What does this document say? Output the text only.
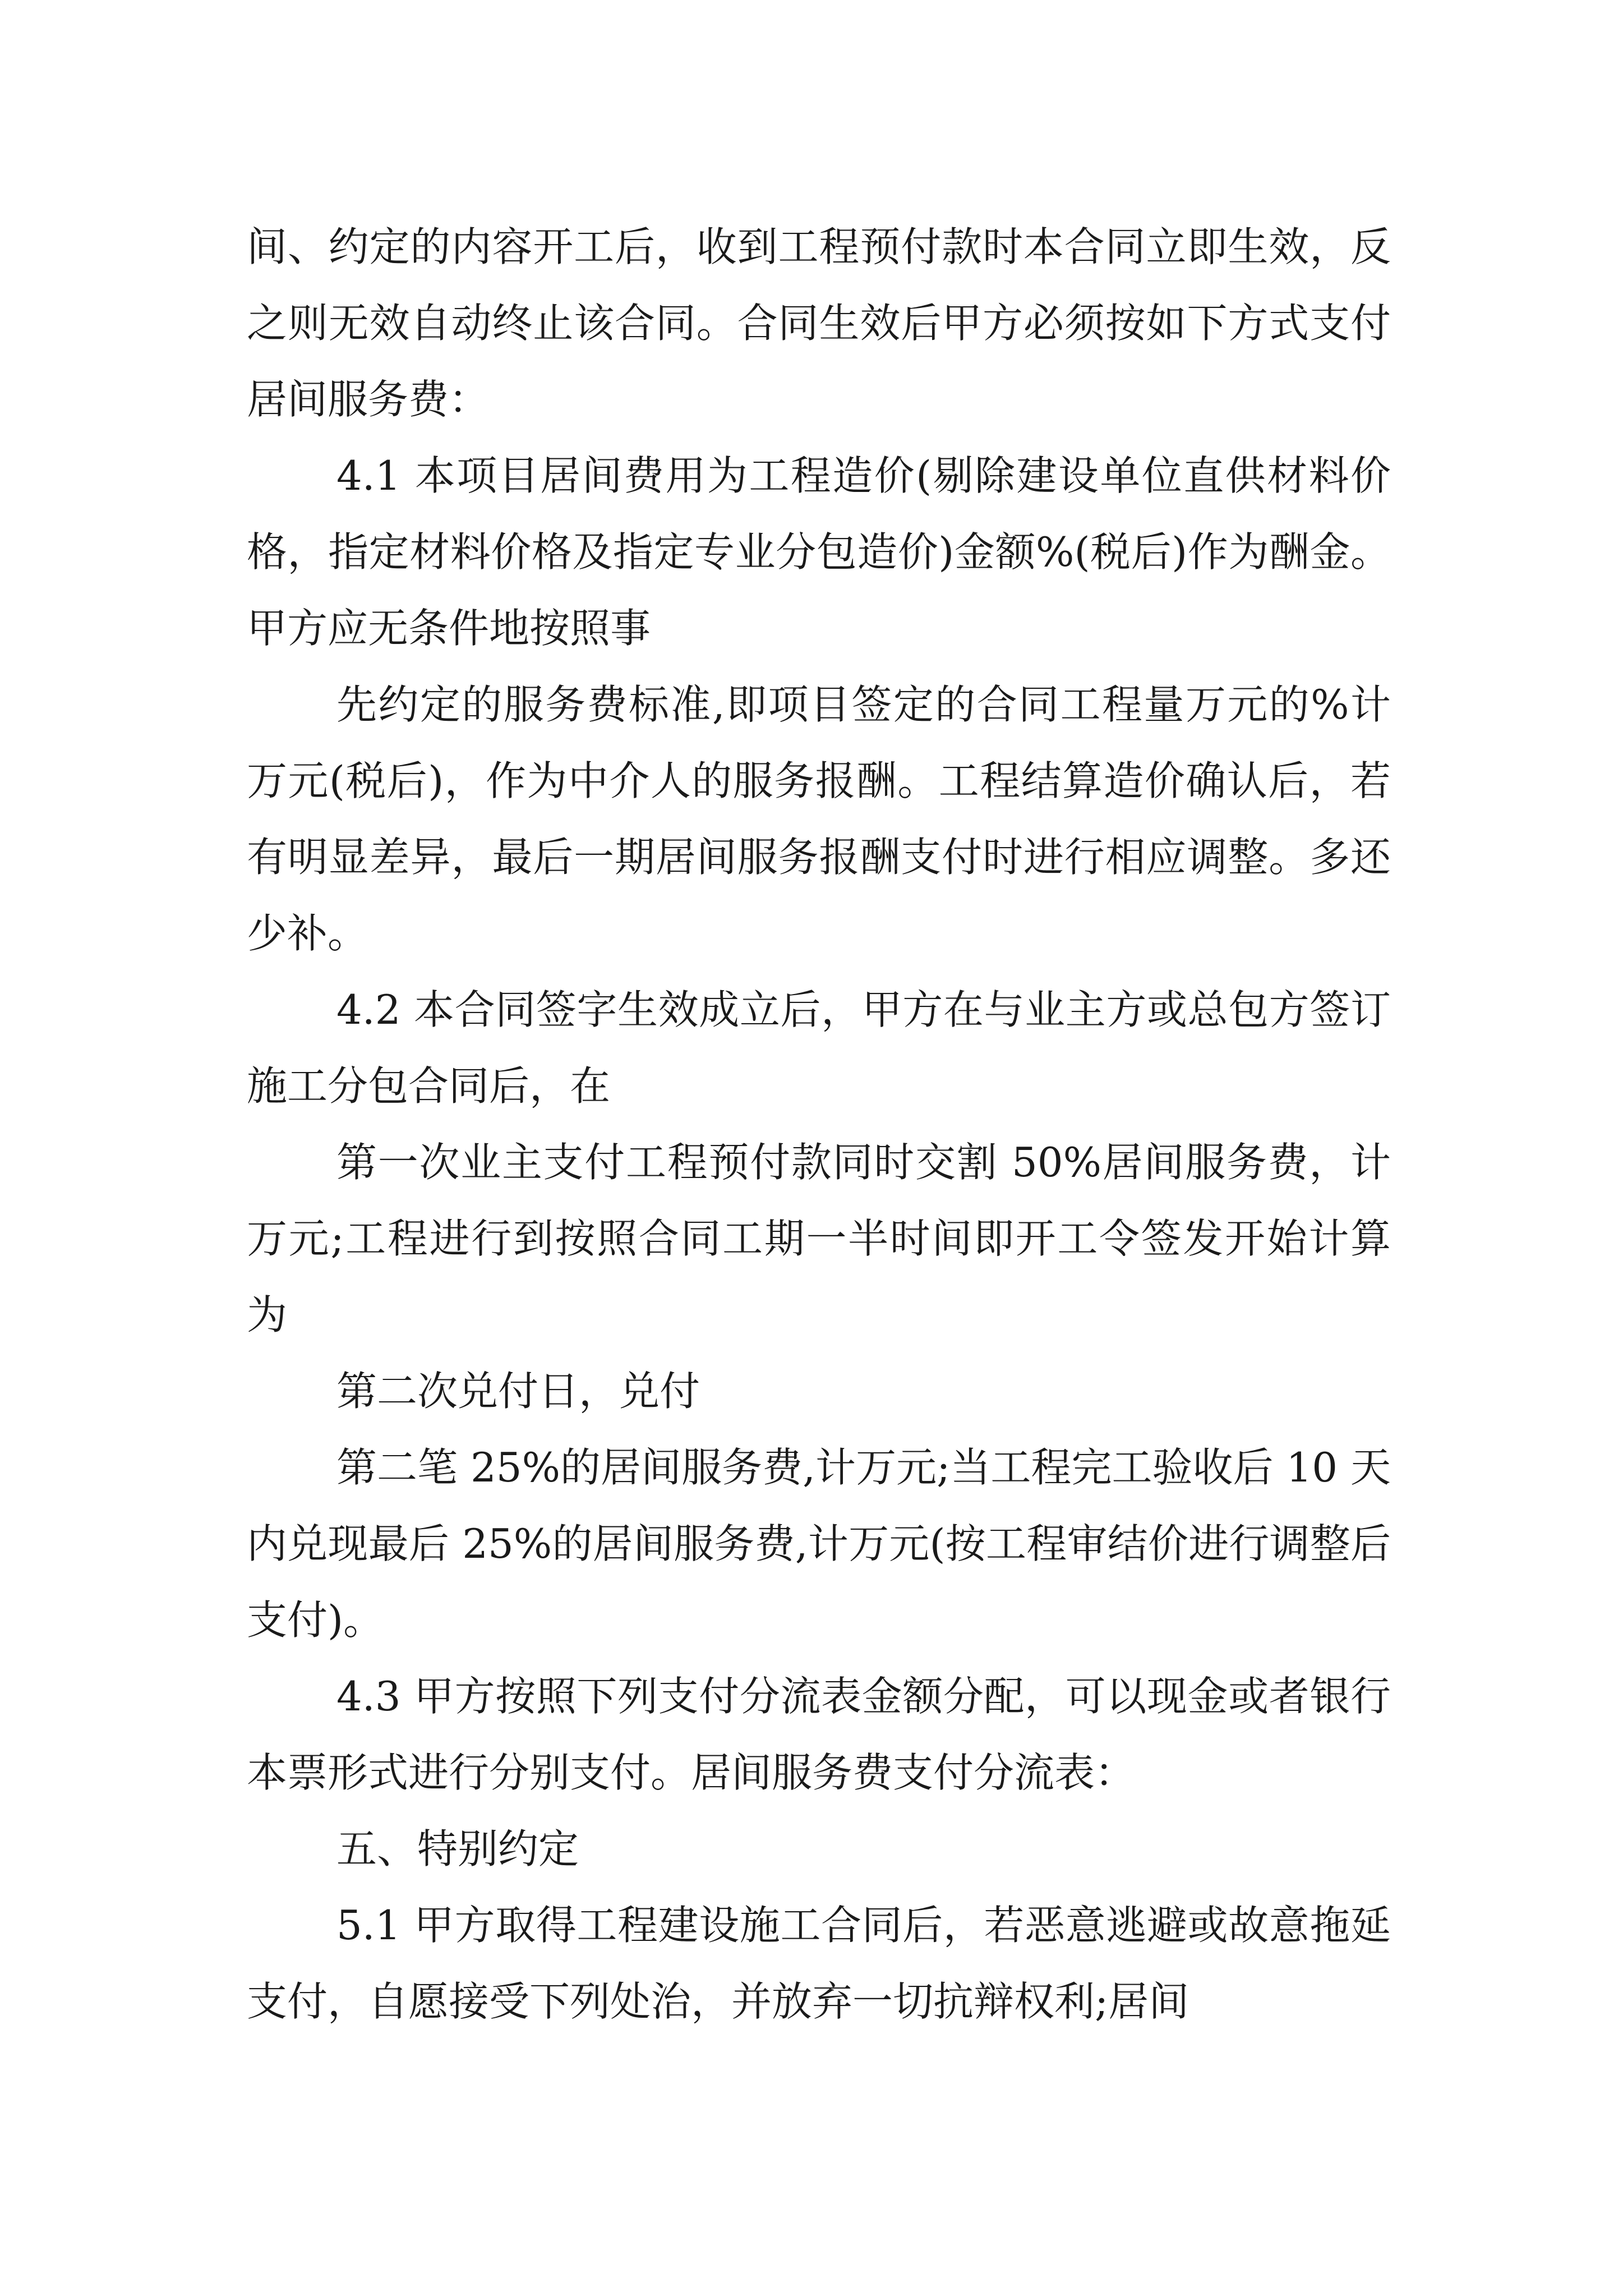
间、约定的内容开工后，收到工程预付款时本合同立即生效，反之则无效自动终止该合同。合同生效后甲方必须按如下方式支付居间服务费：

4.1 本项目居间费用为工程造价(剔除建设单位直供材料价格，指定材料价格及指定专业分包造价)金额%(税后)作为酬金。甲方应无条件地按照事

先约定的服务费标准,即项目签定的合同工程量万元的%计万元(税后)，作为中介人的服务报酬。工程结算造价确认后，若有明显差异，最后一期居间服务报酬支付时进行相应调整。多还少补。

4.2 本合同签字生效成立后，甲方在与业主方或总包方签订施工分包合同后，在

第一次业主支付工程预付款同时交割 50%居间服务费，计万元;工程进行到按照合同工期一半时间即开工令签发开始计算为

第二次兑付日，兑付

第二笔 25%的居间服务费,计万元;当工程完工验收后 10 天内兑现最后 25%的居间服务费,计万元(按工程审结价进行调整后支付)。

4.3 甲方按照下列支付分流表金额分配，可以现金或者银行本票形式进行分别支付。居间服务费支付分流表：

五、特别约定

5.1 甲方取得工程建设施工合同后，若恶意逃避或故意拖延支付，自愿接受下列处治，并放弃一切抗辩权利;居间
